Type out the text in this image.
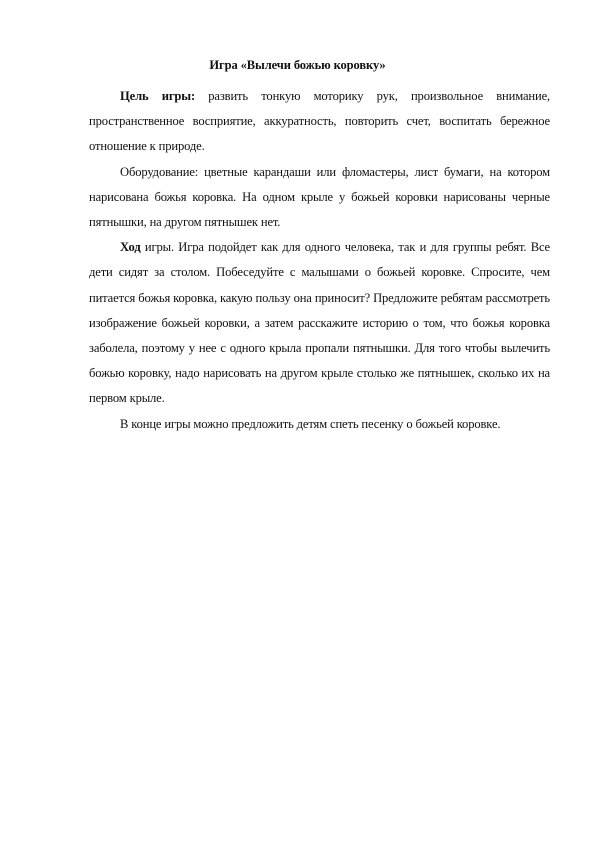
Игра «Вылечи божью коровку»

Цель игры: развить тонкую моторику рук, произвольное внимание, пространственное восприятие, аккуратность, повторить счет, воспитать бережное отношение к природе.

Оборудование: цветные карандаши или фломастеры, лист бумаги, на котором нарисована божья коровка. На одном крыле у божьей коровки нарисованы черные пятнышки, на другом пятнышек нет.

Ход игры. Игра подойдет как для одного человека, так и для группы ребят. Все дети сидят за столом. Побеседуйте с малышами о божьей коровке. Спросите, чем питается божья коровка, какую пользу она приносит? Предложите ребятам рассмотреть изображение божьей коровки, а затем расскажите историю о том, что божья коровка заболела, поэтому у нее с одного крыла пропали пятнышки. Для того чтобы вылечить божью коровку, надо нарисовать на другом крыле столько же пятнышек, сколько их на первом крыле.

В конце игры можно предложить детям спеть песенку о божьей коровке.
